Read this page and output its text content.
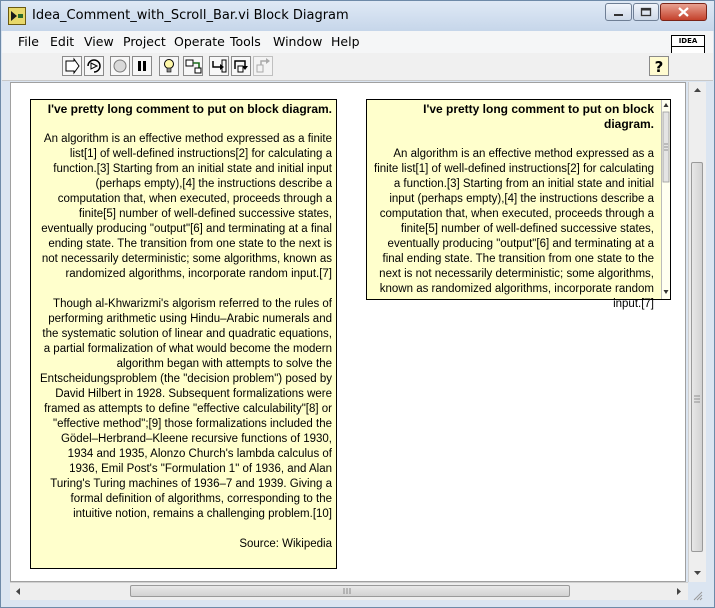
Idea_Comment_with_Scroll_Bar.vi Block Diagram
File Edit View Project Operate Tools Window Help	IDEA
?

I've pretty long comment to put on block diagram.

An algorithm is an effective method expressed as a finite list[1] of well-defined instructions[2] for calculating a function.[3] Starting from an initial state and initial input (perhaps empty),[4] the instructions describe a computation that, when executed, proceeds through a finite[5] number of well-defined successive states, eventually producing "output"[6] and terminating at a final ending state. The transition from one state to the next is not necessarily deterministic; some algorithms, known as randomized algorithms, incorporate random input.[7]

Though al-Khwarizmi's algorism referred to the rules of performing arithmetic using Hindu–Arabic numerals and the systematic solution of linear and quadratic equations, a partial formalization of what would become the modern algorithm began with attempts to solve the Entscheidungsproblem (the "decision problem") posed by David Hilbert in 1928. Subsequent formalizations were framed as attempts to define "effective calculability"[8] or "effective method";[9] those formalizations included the Gödel–Herbrand–Kleene recursive functions of 1930, 1934 and 1935, Alonzo Church's lambda calculus of 1936, Emil Post's "Formulation 1" of 1936, and Alan Turing's Turing machines of 1936–7 and 1939. Giving a formal definition of algorithms, corresponding to the intuitive notion, remains a challenging problem.[10]

Source: Wikipedia

I've pretty long comment to put on block diagram.

An algorithm is an effective method expressed as a finite list[1] of well-defined instructions[2] for calculating a function.[3] Starting from an initial state and initial input (perhaps empty),[4] the instructions describe a computation that, when executed, proceeds through a finite[5] number of well-defined successive states, eventually producing "output"[6] and terminating at a final ending state. The transition from one state to the next is not necessarily deterministic; some algorithms, known as randomized algorithms, incorporate random input.[7]
